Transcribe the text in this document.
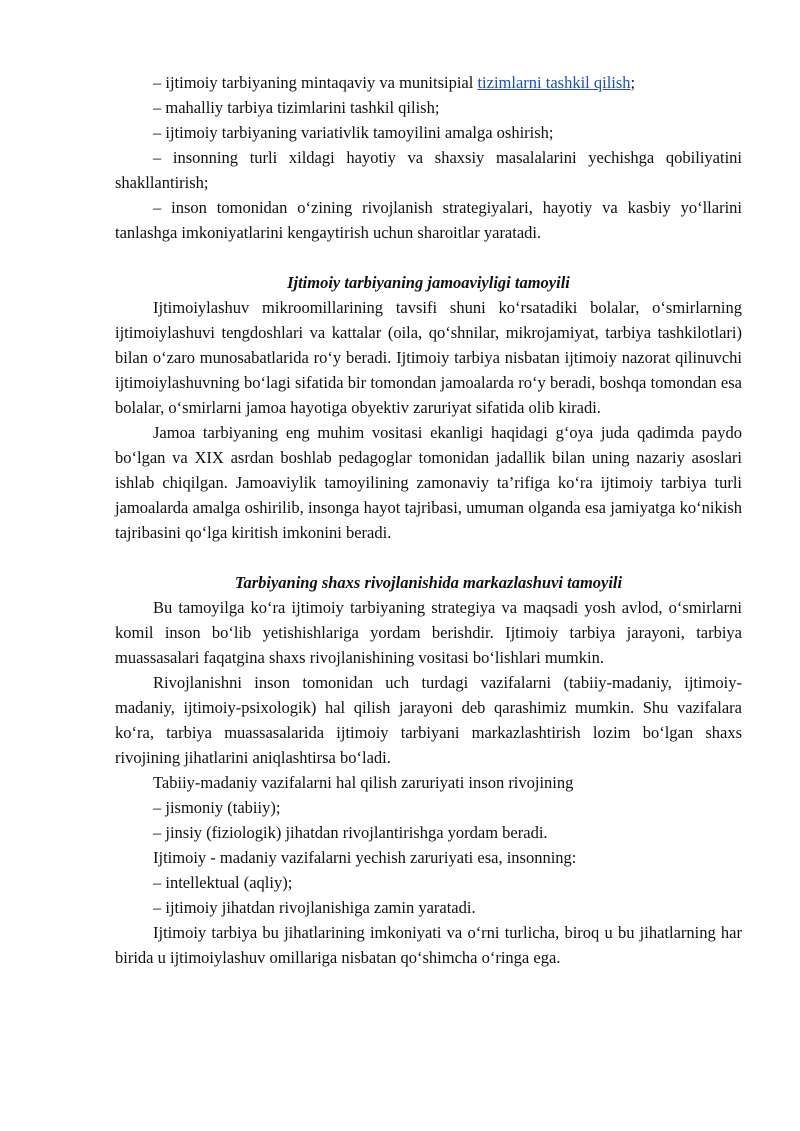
– ijtimoiy tarbiyaning mintaqaviy va munitsipial tizimlarni tashkil qilish;

– mahalliy tarbiya tizimlarini tashkil qilish;

– ijtimoiy tarbiyaning variativlik tamoyilini amalga oshirish;

– insonning turli xildagi hayotiy va shaxsiy masalalarini yechishga qobiliyatini shakllantirish;

– inson tomonidan o‘zining rivojlanish strategiyalari, hayotiy va kasbiy yo‘llarini tanlashga imkoniyatlarini kengaytirish uchun sharoitlar yaratadi.

Ijtimoiy tarbiyaning jamoaviyligi tamoyili

Ijtimoiylashuv mikroomillarining tavsifi shuni ko‘rsatadiki bolalar, o‘smirlarning ijtimoiylashuvi tengdoshlari va kattalar (oila, qo‘shnilar, mikrojamiyat, tarbiya tashkilotlari) bilan o‘zaro munosabatlarida ro‘y beradi. Ijtimoiy tarbiya nisbatan ijtimoiy nazorat qilinuvchi ijtimoiylashuvning bo‘lagi sifatida bir tomondan jamoalarda ro‘y beradi, boshqa tomondan esa bolalar, o‘smirlarni jamoa hayotiga obyektiv zaruriyat sifatida olib kiradi.

Jamoa tarbiyaning eng muhim vositasi ekanligi haqidagi g‘oya juda qadimda paydo bo‘lgan va XIX asrdan boshlab pedagoglar tomonidan jadallik bilan uning nazariy asoslari ishlab chiqilgan. Jamoaviylik tamoyilining zamonaviy ta’rifiga ko‘ra ijtimoiy tarbiya turli jamoalarda amalga oshirilib, insonga hayot tajribasi, umuman olganda esa jamiyatga ko‘nikish tajribasini qo‘lga kiritish imkonini beradi.

Tarbiyaning shaxs rivojlanishida markazlashuvi tamoyili

Bu tamoyilga ko‘ra ijtimoiy tarbiyaning strategiya va maqsadi yosh avlod, o‘smirlarni komil inson bo‘lib yetishishlariga yordam berishdir. Ijtimoiy tarbiya jarayoni, tarbiya muassasalari faqatgina shaxs rivojlanishining vositasi bo‘lishlari mumkin.

Rivojlanishni inson tomonidan uch turdagi vazifalarni (tabiiy-madaniy, ijtimoiy-madaniy, ijtimoiy-psixologik) hal qilish jarayoni deb qarashimiz mumkin. Shu vazifalara ko‘ra, tarbiya muassasalarida ijtimoiy tarbiyani markazlashtirish lozim bo‘lgan shaxs rivojining jihatlarini aniqlashtirsa bo‘ladi.

Tabiiy-madaniy vazifalarni hal qilish zaruriyati inson rivojining

– jismoniy (tabiiy);

– jinsiy (fiziologik) jihatdan rivojlantirishga yordam beradi.

Ijtimoiy - madaniy vazifalarni yechish zaruriyati esa, insonning:

– intellektual (aqliy);

– ijtimoiy jihatdan rivojlanishiga zamin yaratadi.

Ijtimoiy tarbiya bu jihatlarining imkoniyati va o‘rni turlicha, biroq u bu jihatlarning har birida u ijtimoiylashuv omillariga nisbatan qo‘shimcha o‘ringa ega.
